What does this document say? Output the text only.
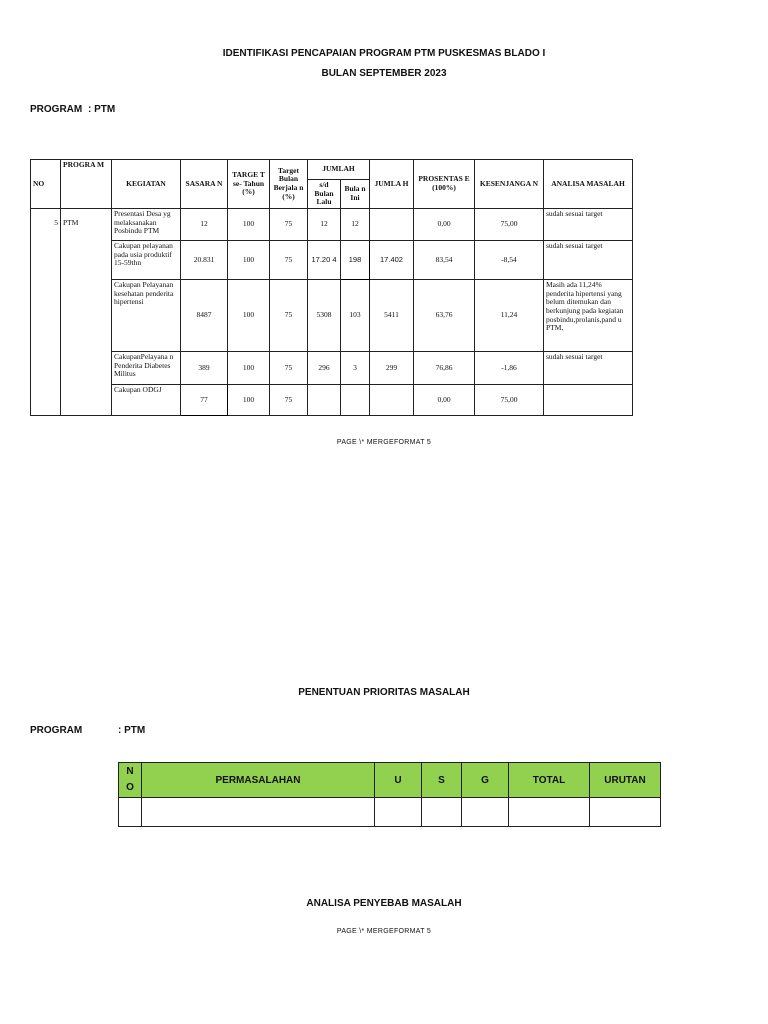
IDENTIFIKASI PENCAPAIAN PROGRAM PTM PUSKESMAS BLADO I
BULAN SEPTEMBER 2023
PROGRAM : PTM
NO	PROGRA M	KEGIATAN	SASARA N	TARGE T se- Tahun (%)	Target Bulan Berjala n (%)	JUMLAH		JUMLA H	PROSENTAS E (100%)	KESENJANGA N	ANALISA MASALAH
						s/d Bulan Lalu	Bula n Ini				
5	PTM	Presentasi Desa yg melaksanakan Posbindu PTM	12	100	75	12	12		0,00	75,00	sudah sesuai target
		Cakupan pelayanan pada usia produktif 15-59thn	20.831	100	75	17.20 4	198	17.402	83,54	-8,54	sudah sesuai target
		Cakupan Pelayanan kesehatan penderita hipertensi	8487	100	75	5308	103	5411	63,76	11,24	Masih ada 11,24% penderita hipertensi yang belum ditemukan dan berkunjung pada kegiatan posbindu,prolanis,pand u PTM,
		CakupanPelayana n Penderita Diabetes Militus	389	100	75	296	3	299	76,86	-1,86	sudah sesuai target
		Cakupan ODGJ	77	100	75				0,00	75,00	
PAGE \* MERGEFORMAT 5
PENENTUAN PRIORITAS MASALAH
PROGRAM	: PTM
N O	PERMASALAHAN	U	S	G	TOTAL	URUTAN

ANALISA PENYEBAB MASALAH
PAGE \* MERGEFORMAT 5
